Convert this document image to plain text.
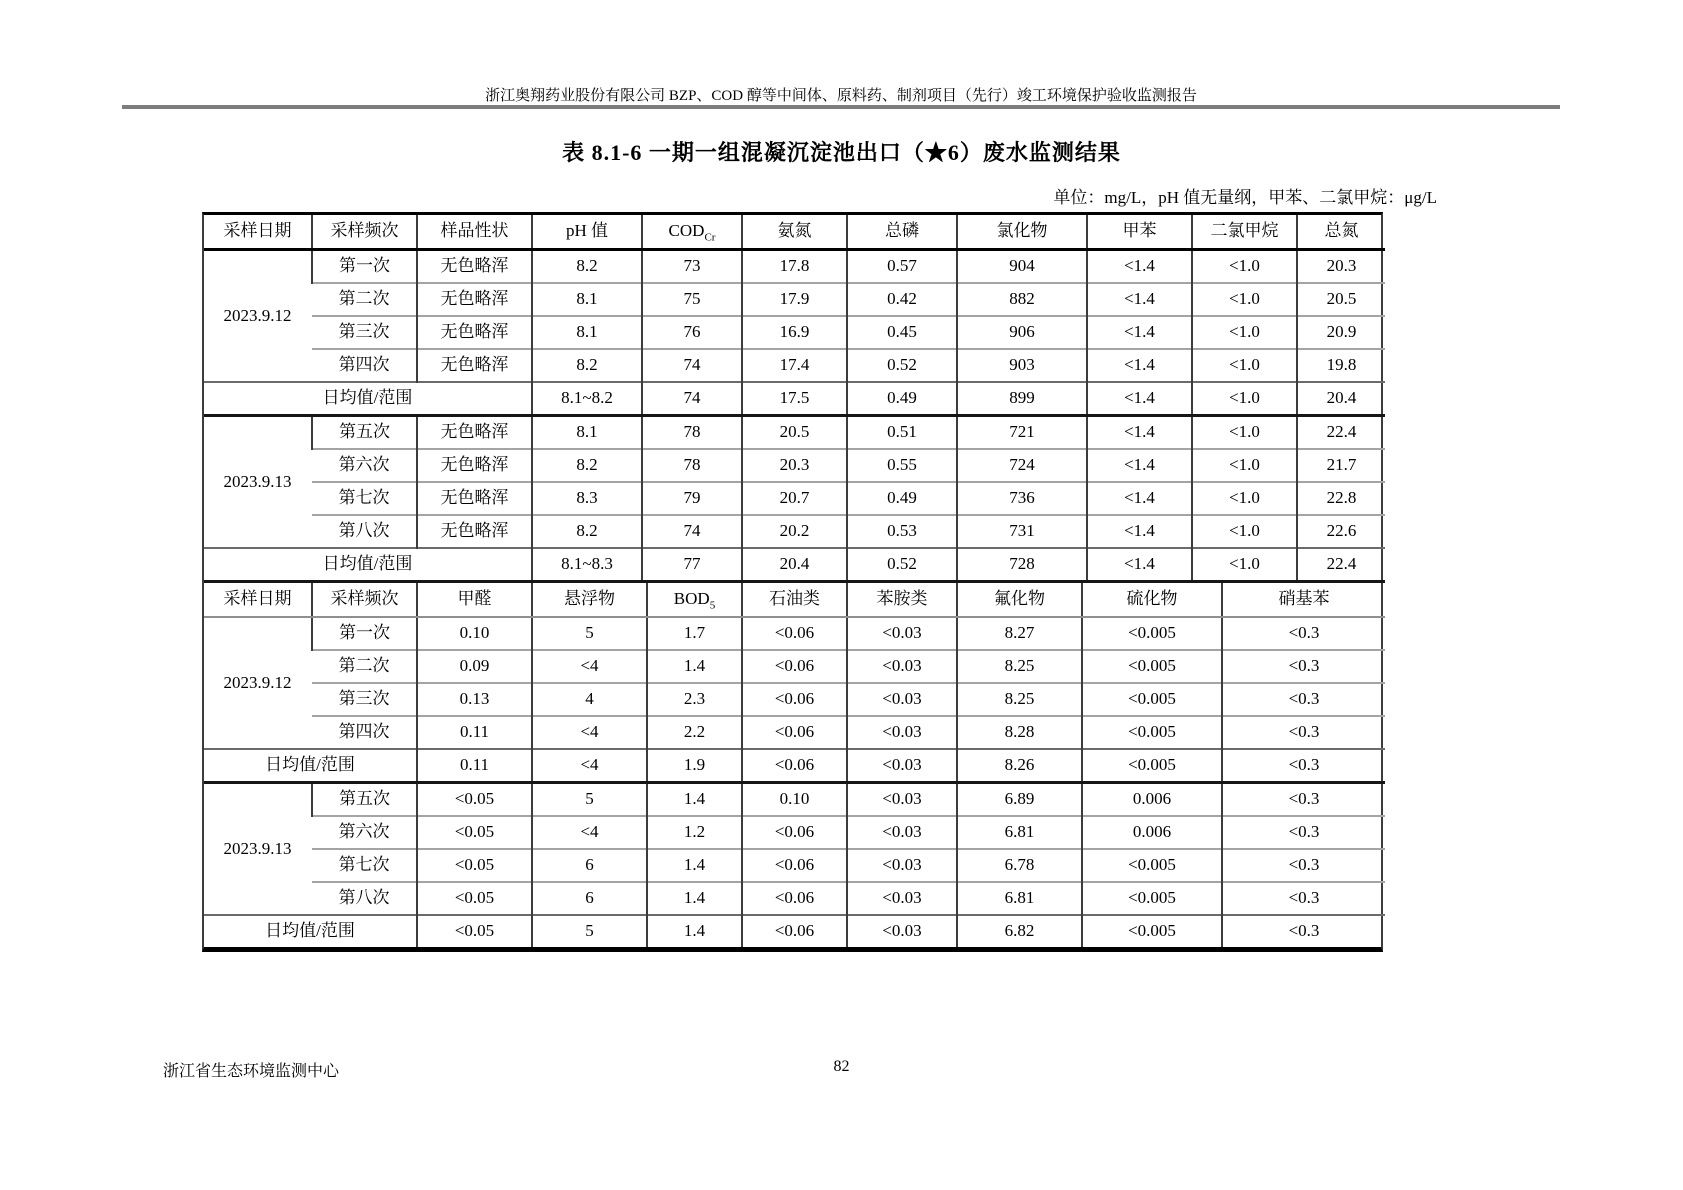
浙江奥翔药业股份有限公司 BZP、COD 醇等中间体、原料药、制剂项目（先行）竣工环境保护验收监测报告
表 8.1-6 一期一组混凝沉淀池出口（★6）废水监测结果
单位：mg/L，pH 值无量纲，甲苯、二氯甲烷：μg/L
采样日期	采样频次	样品性状	pH 值	$COD_{Cr}$	氨氮	总磷	氯化物	甲苯	二氯甲烷	总氮
2023.9.12	第一次	无色略浑	8.2	73	17.8	0.57	904	<1.4	<1.0	20.3
	第二次	无色略浑	8.1	75	17.9	0.42	882	<1.4	<1.0	20.5
	第三次	无色略浑	8.1	76	16.9	0.45	906	<1.4	<1.0	20.9
	第四次	无色略浑	8.2	74	17.4	0.52	903	<1.4	<1.0	19.8
日均值/范围			8.1~8.2	74	17.5	0.49	899	<1.4	<1.0	20.4
2023.9.13	第五次	无色略浑	8.1	78	20.5	0.51	721	<1.4	<1.0	22.4
	第六次	无色略浑	8.2	78	20.3	0.55	724	<1.4	<1.0	21.7
	第七次	无色略浑	8.3	79	20.7	0.49	736	<1.4	<1.0	22.8
	第八次	无色略浑	8.2	74	20.2	0.53	731	<1.4	<1.0	22.6
日均值/范围			8.1~8.3	77	20.4	0.52	728	<1.4	<1.0	22.4
采样日期	采样频次	甲醛	悬浮物	$BOD_5$	石油类	苯胺类	氟化物	硫化物	硝基苯
2023.9.12	第一次	0.10	5	1.7	<0.06	<0.03	8.27	<0.005	<0.3
	第二次	0.09	<4	1.4	<0.06	<0.03	8.25	<0.005	<0.3
	第三次	0.13	4	2.3	<0.06	<0.03	8.25	<0.005	<0.3
	第四次	0.11	<4	2.2	<0.06	<0.03	8.28	<0.005	<0.3
日均值/范围		0.11	<4	1.9	<0.06	<0.03	8.26	<0.005	<0.3
2023.9.13	第五次	<0.05	5	1.4	0.10	<0.03	6.89	0.006	<0.3
	第六次	<0.05	<4	1.2	<0.06	<0.03	6.81	0.006	<0.3
	第七次	<0.05	6	1.4	<0.06	<0.03	6.78	<0.005	<0.3
	第八次	<0.05	6	1.4	<0.06	<0.03	6.81	<0.005	<0.3
日均值/范围		<0.05	5	1.4	<0.06	<0.03	6.82	<0.005	<0.3
浙江省生态环境监测中心	82
